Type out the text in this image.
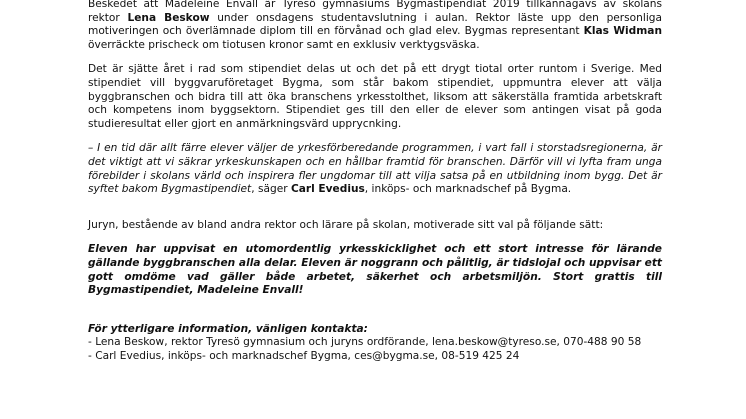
Beskedet att Madeleine Envall är Tyresö gymnasiums Bygmastipendiat 2019 tillkännagavs av skolans rektor Lena Beskow under onsdagens studentavslutning i aulan. Rektor läste upp den personliga motiveringen och överlämnade diplom till en förvånad och glad elev. Bygmas representant Klas Widman överräckte prischeck om tiotusen kronor samt en exklusiv verktygsväska.

Det är sjätte året i rad som stipendiet delas ut och det på ett drygt tiotal orter runtom i Sverige. Med stipendiet vill byggvaruföretaget Bygma, som står bakom stipendiet, uppmuntra elever att välja byggbranschen och bidra till att öka branschens yrkesstolthet, liksom att säkerställa framtida arbetskraft och kompetens inom byggsektorn. Stipendiet ges till den eller de elever som antingen visat på goda studieresultat eller gjort en anmärkningsvärd upprycnking.

– I en tid där allt färre elever väljer de yrkesförberedande programmen, i vart fall i storstadsregionerna, är det viktigt att vi säkrar yrkeskunskapen och en hållbar framtid för branschen. Därför vill vi lyfta fram unga förebilder i skolans värld och inspirera fler ungdomar till att vilja satsa på en utbildning inom bygg. Det är syftet bakom Bygmastipendiet, säger Carl Evedius, inköps- och marknadschef på Bygma.

Juryn, bestående av bland andra rektor och lärare på skolan, motiverade sitt val på följande sätt:

Eleven har uppvisat en utomordentlig yrkesskicklighet och ett stort intresse för lärande gällande byggbranschen alla delar. Eleven är noggrann och pålitlig, är tidslojal och uppvisar ett gott omdöme vad gäller både arbetet, säkerhet och arbetsmiljön. Stort grattis till Bygmastipendiet, Madeleine Envall!

För ytterligare information, vänligen kontakta:

- Lena Beskow, rektor Tyresö gymnasium och juryns ordförande, lena.beskow@tyreso.se, 070-488 90 58
- Carl Evedius, inköps- och marknadschef Bygma, ces@bygma.se, 08-519 425 24
